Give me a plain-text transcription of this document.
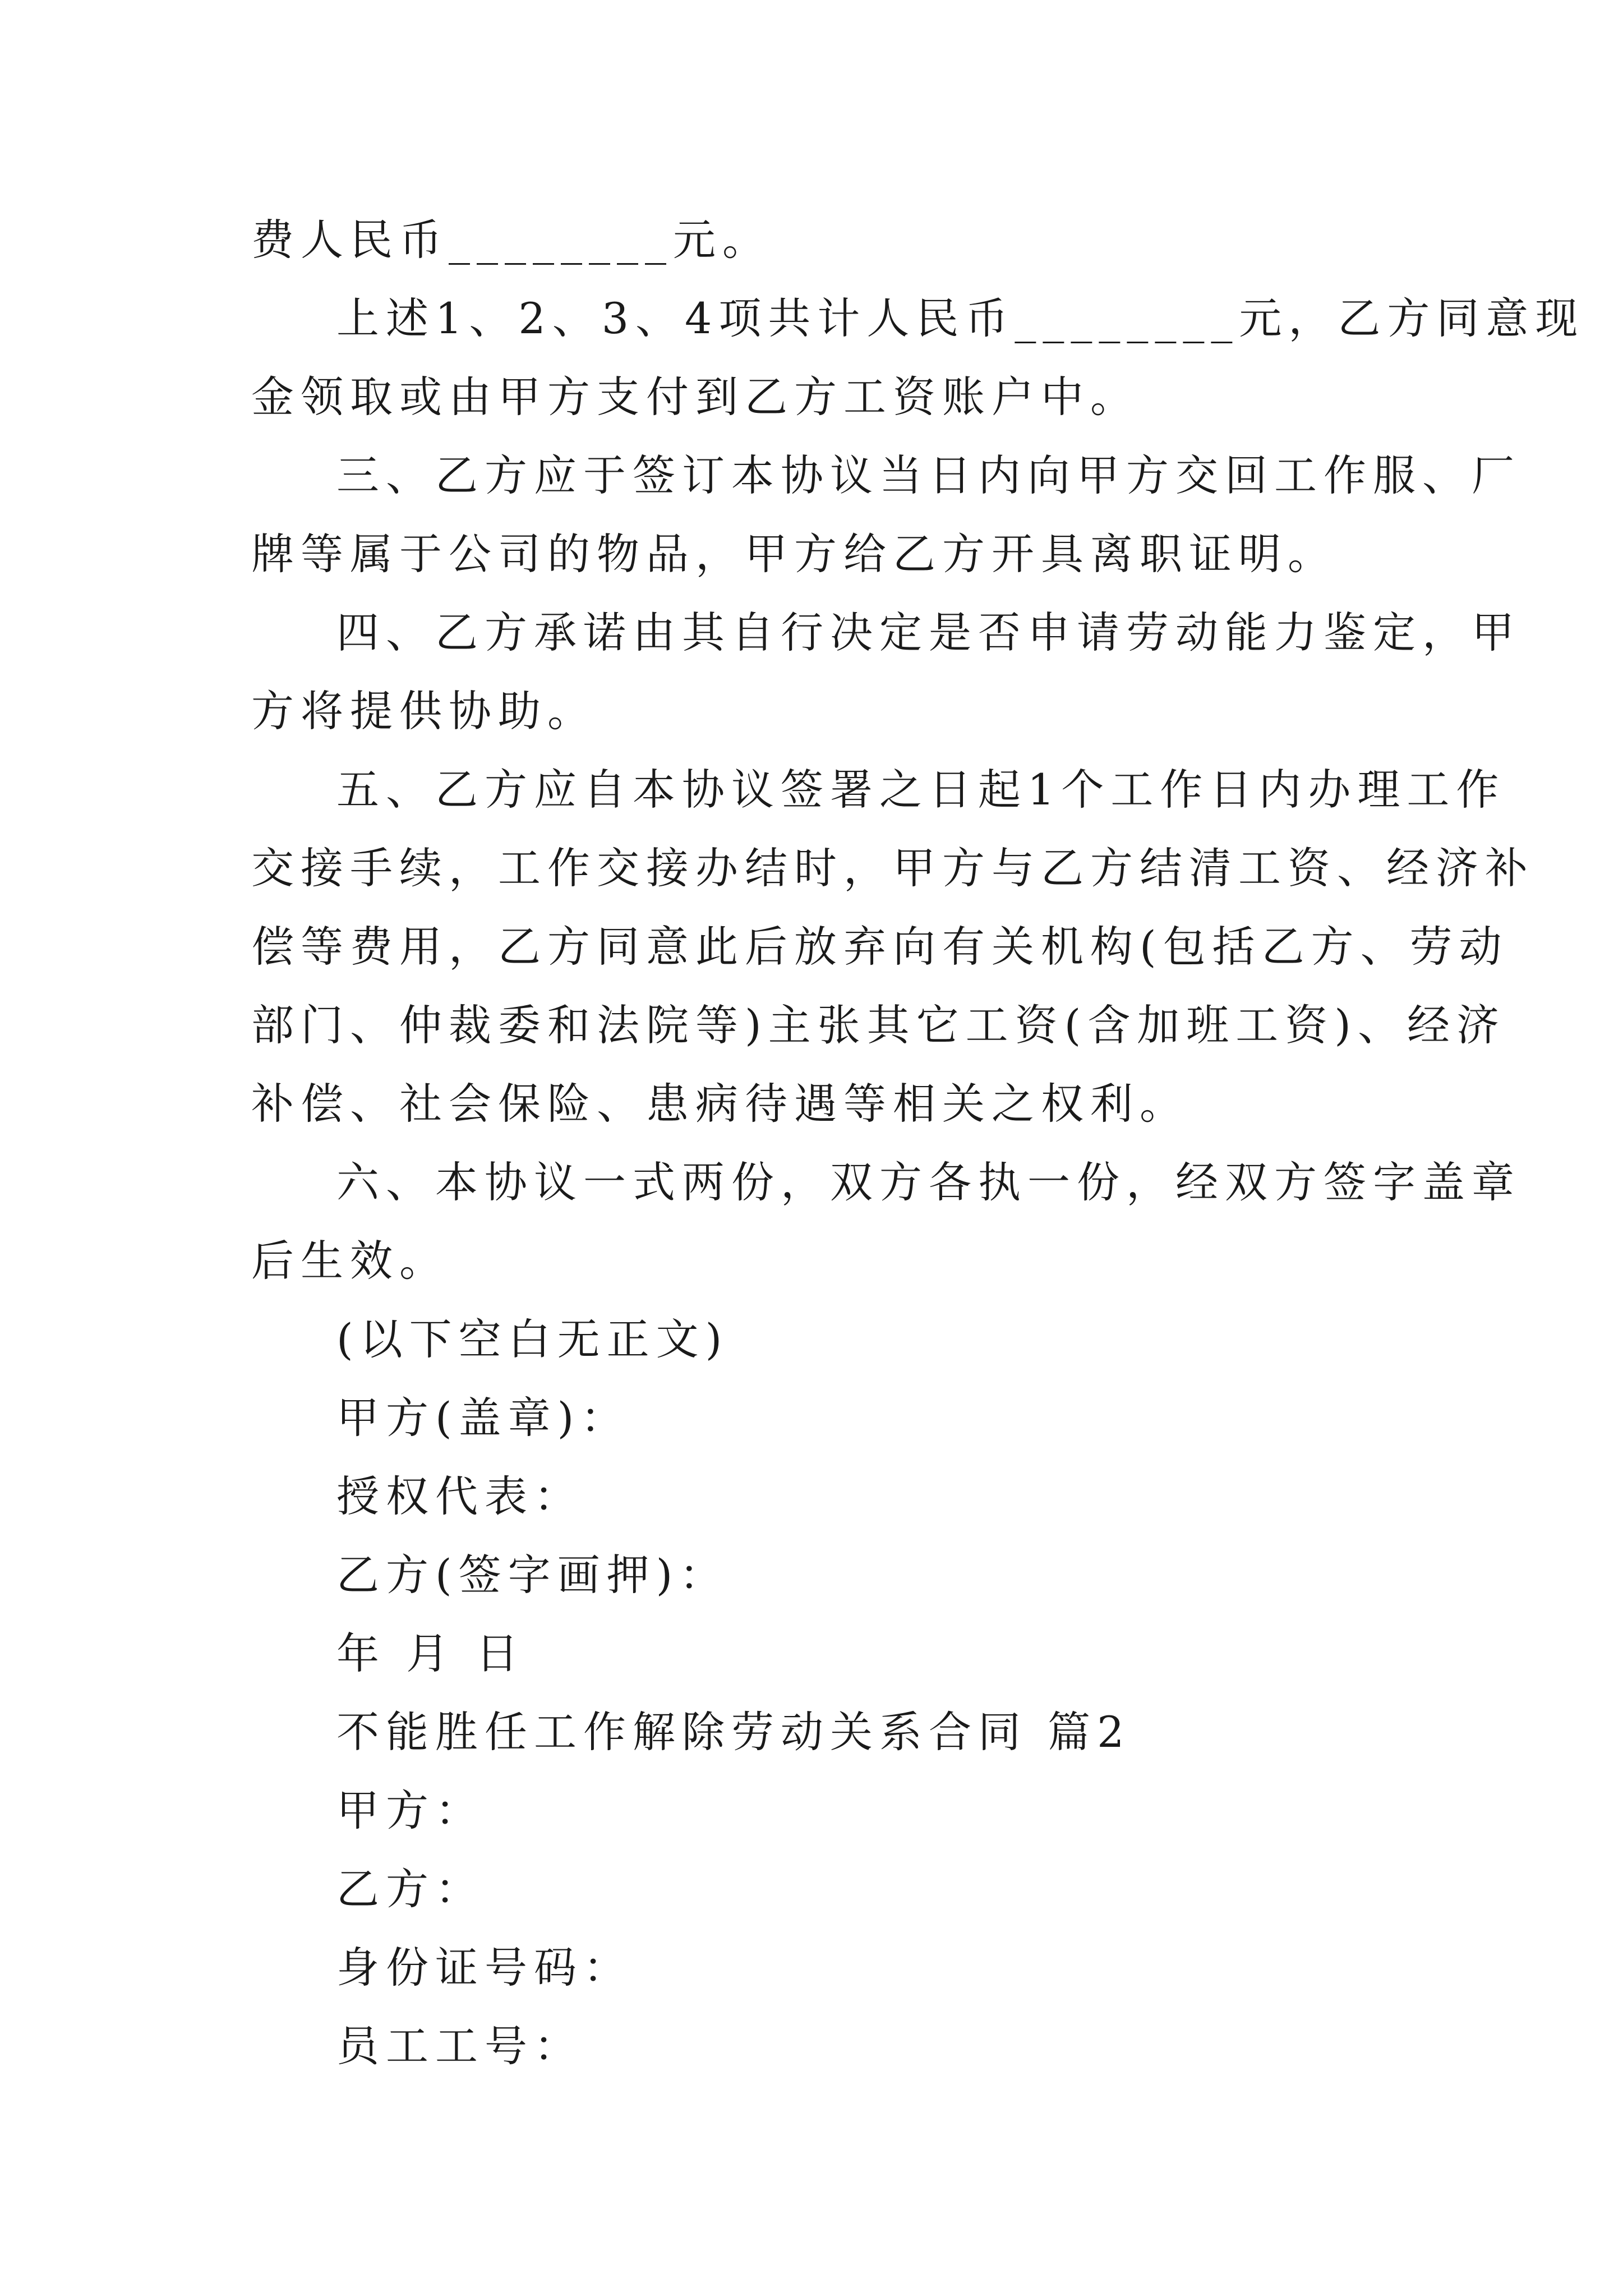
费人民币________元。
上述1、2、3、4项共计人民币________元，乙方同意现
金领取或由甲方支付到乙方工资账户中。
三、乙方应于签订本协议当日内向甲方交回工作服、厂
牌等属于公司的物品，甲方给乙方开具离职证明。
四、乙方承诺由其自行决定是否申请劳动能力鉴定，甲
方将提供协助。
五、乙方应自本协议签署之日起1个工作日内办理工作
交接手续，工作交接办结时，甲方与乙方结清工资、经济补
偿等费用，乙方同意此后放弃向有关机构(包括乙方、劳动
部门、仲裁委和法院等)主张其它工资(含加班工资)、经济
补偿、社会保险、患病待遇等相关之权利。
六、本协议一式两份，双方各执一份，经双方签字盖章
后生效。
(以下空白无正文)
甲方(盖章)：
授权代表：
乙方(签字画押)：
年 月 日
不能胜任工作解除劳动关系合同 篇2
甲方：
乙方：
身份证号码：
员工工号：
